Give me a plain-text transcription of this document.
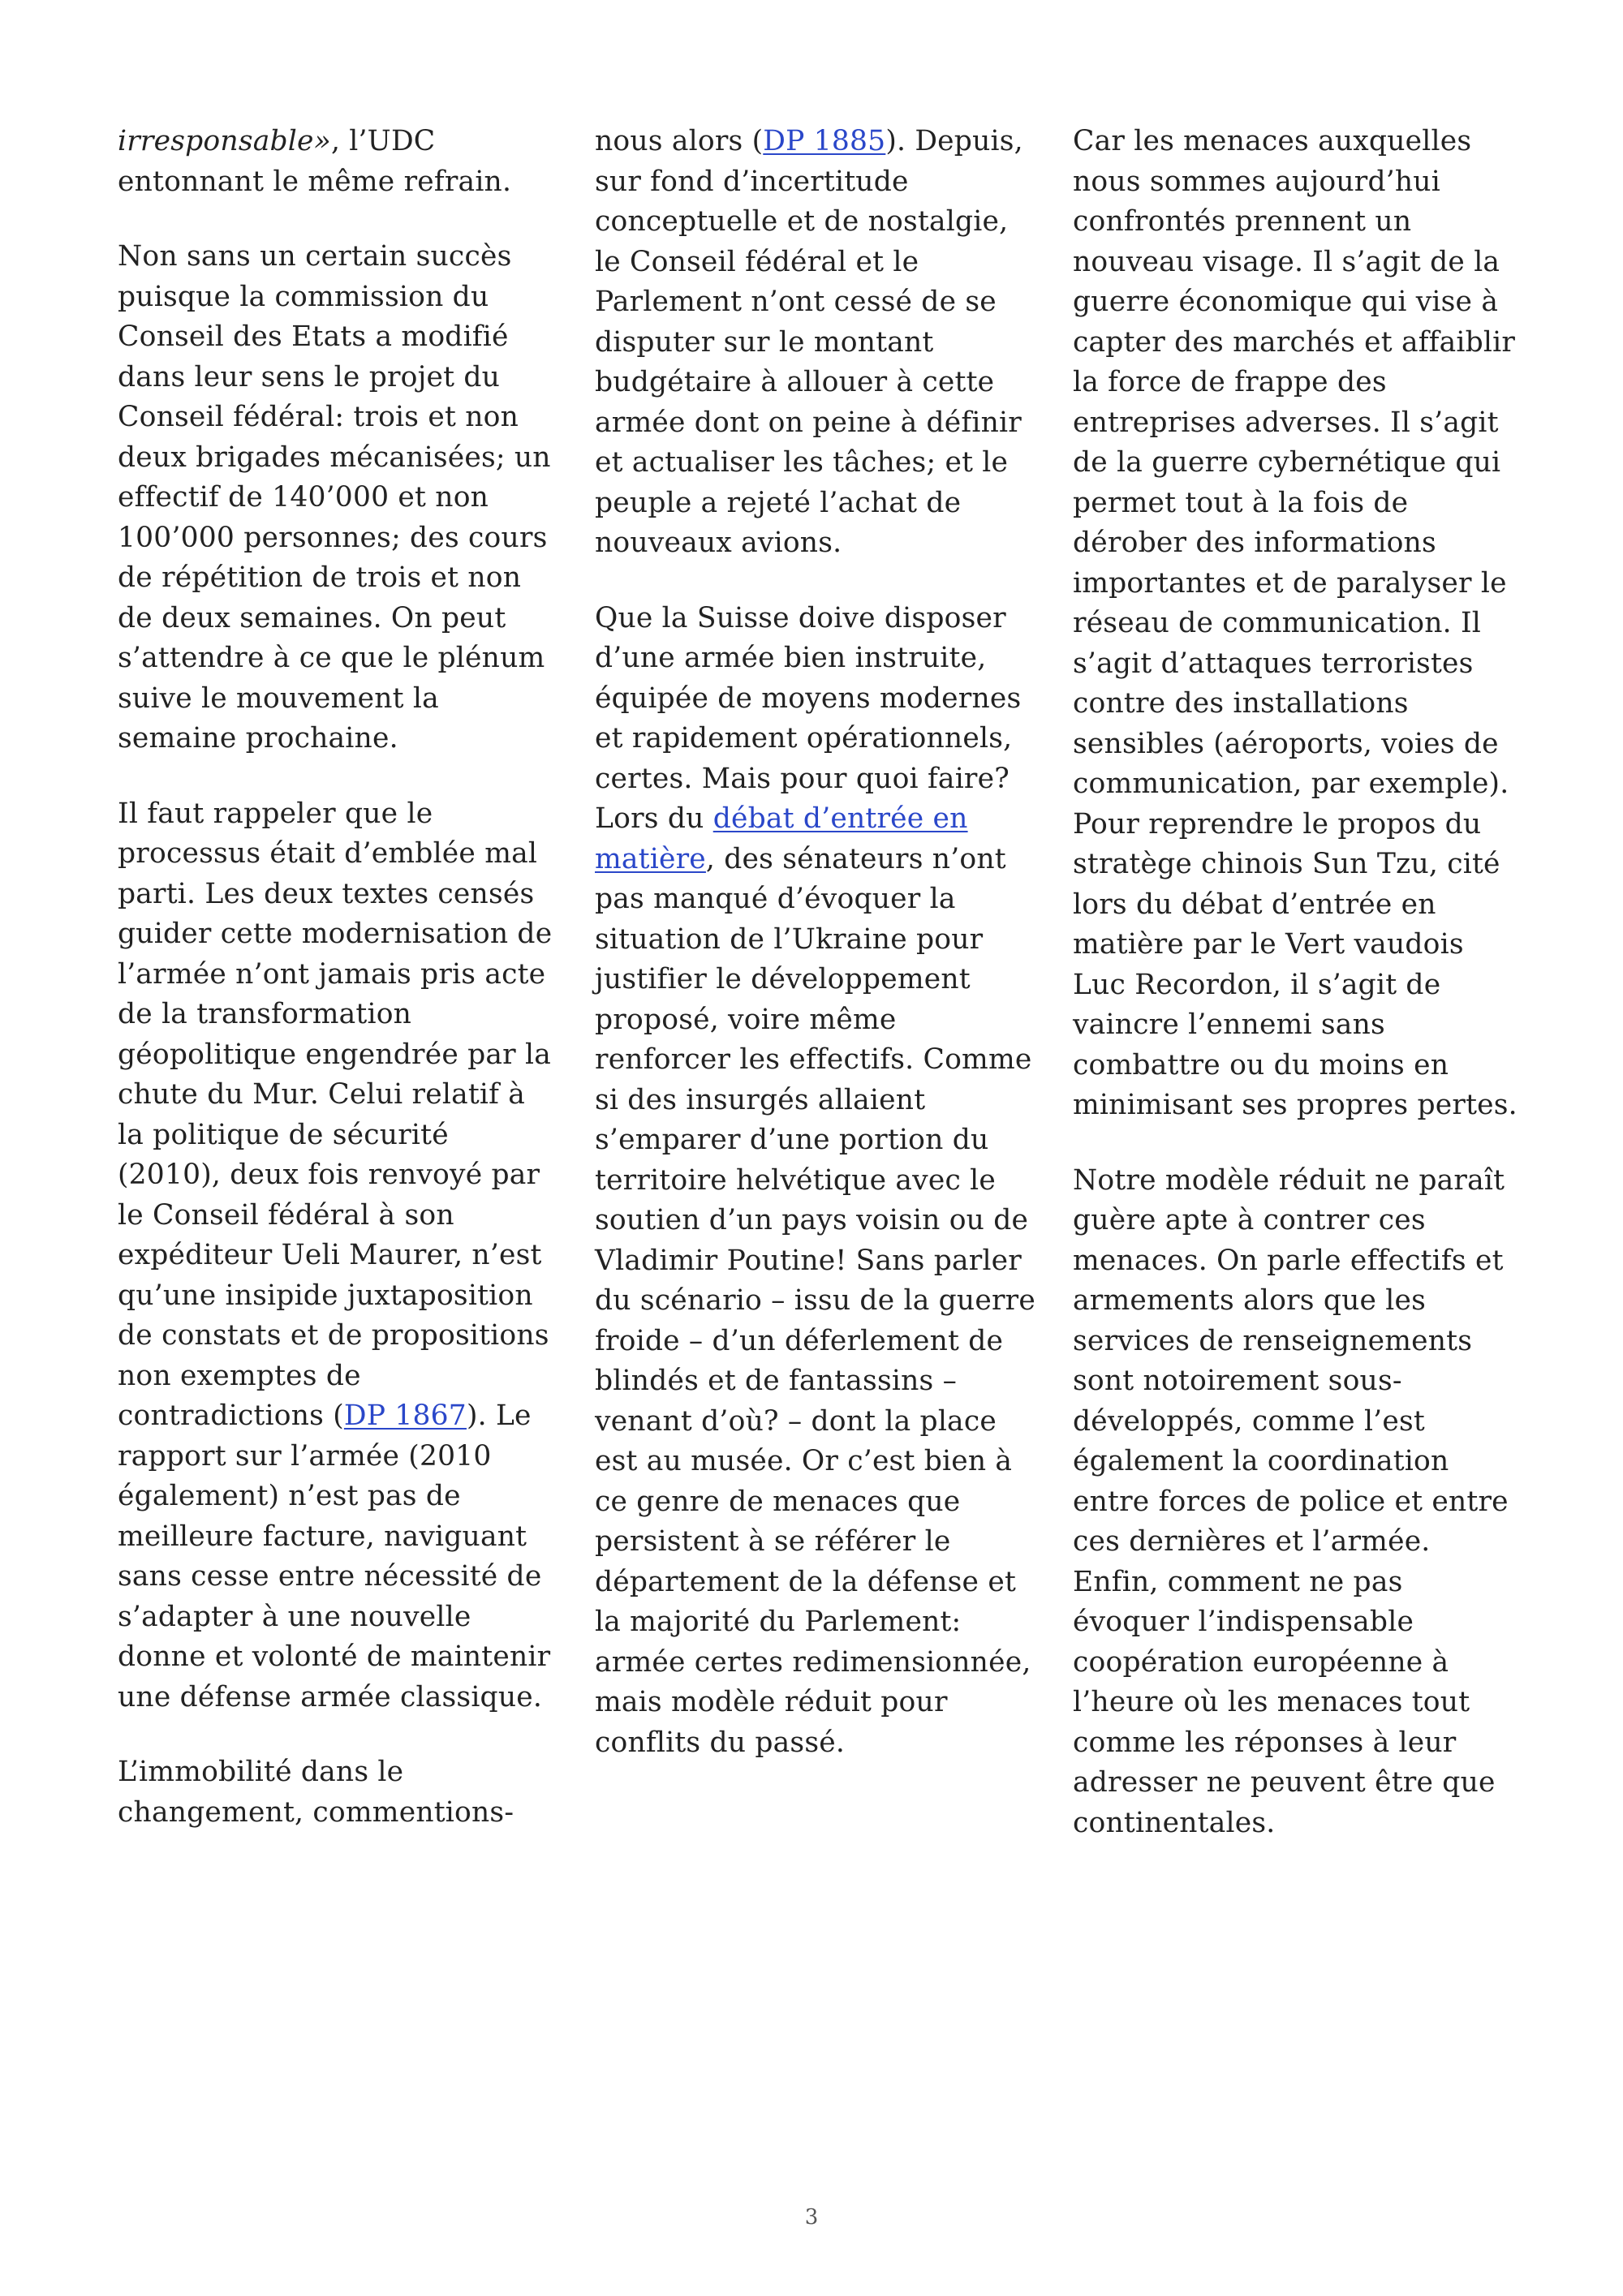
irresponsable», l’UDC entonnant le même refrain.

Non sans un certain succès puisque la commission du Conseil des Etats a modifié dans leur sens le projet du Conseil fédéral: trois et non deux brigades mécanisées; un effectif de 140’000 et non 100’000 personnes; des cours de répétition de trois et non de deux semaines. On peut s’attendre à ce que le plénum suive le mouvement la semaine prochaine.

Il faut rappeler que le processus était d’emblée mal parti. Les deux textes censés guider cette modernisation de l’armée n’ont jamais pris acte de la transformation géopolitique engendrée par la chute du Mur. Celui relatif à la politique de sécurité (2010), deux fois renvoyé par le Conseil fédéral à son expéditeur Ueli Maurer, n’est qu’une insipide juxtaposition de constats et de propositions non exemptes de contradictions (DP 1867). Le rapport sur l’armée (2010 également) n’est pas de meilleure facture, naviguant sans cesse entre nécessité de s’adapter à une nouvelle donne et volonté de maintenir une défense armée classique.

L’immobilité dans le changement, commentions-

nous alors (DP 1885). Depuis, sur fond d’incertitude conceptuelle et de nostalgie, le Conseil fédéral et le Parlement n’ont cessé de se disputer sur le montant budgétaire à allouer à cette armée dont on peine à définir et actualiser les tâches; et le peuple a rejeté l’achat de nouveaux avions.

Que la Suisse doive disposer d’une armée bien instruite, équipée de moyens modernes et rapidement opérationnels, certes. Mais pour quoi faire? Lors du débat d’entrée en matière, des sénateurs n’ont pas manqué d’évoquer la situation de l’Ukraine pour justifier le développement proposé, voire même renforcer les effectifs. Comme si des insurgés allaient s’emparer d’une portion du territoire helvétique avec le soutien d’un pays voisin ou de Vladimir Poutine! Sans parler du scénario – issu de la guerre froide – d’un déferlement de blindés et de fantassins – venant d’où? – dont la place est au musée. Or c’est bien à ce genre de menaces que persistent à se référer le département de la défense et la majorité du Parlement: armée certes redimensionnée, mais modèle réduit pour conflits du passé.

Car les menaces auxquelles nous sommes aujourd’hui confrontés prennent un nouveau visage. Il s’agit de la guerre économique qui vise à capter des marchés et affaiblir la force de frappe des entreprises adverses. Il s’agit de la guerre cybernétique qui permet tout à la fois de dérober des informations importantes et de paralyser le réseau de communication. Il s’agit d’attaques terroristes contre des installations sensibles (aéroports, voies de communication, par exemple). Pour reprendre le propos du stratège chinois Sun Tzu, cité lors du débat d’entrée en matière par le Vert vaudois Luc Recordon, il s’agit de vaincre l’ennemi sans combattre ou du moins en minimisant ses propres pertes.

Notre modèle réduit ne paraît guère apte à contrer ces menaces. On parle effectifs et armements alors que les services de renseignements sont notoirement sous-développés, comme l’est également la coordination entre forces de police et entre ces dernières et l’armée. Enfin, comment ne pas évoquer l’indispensable coopération européenne à l’heure où les menaces tout comme les réponses à leur adresser ne peuvent être que continentales.

3
